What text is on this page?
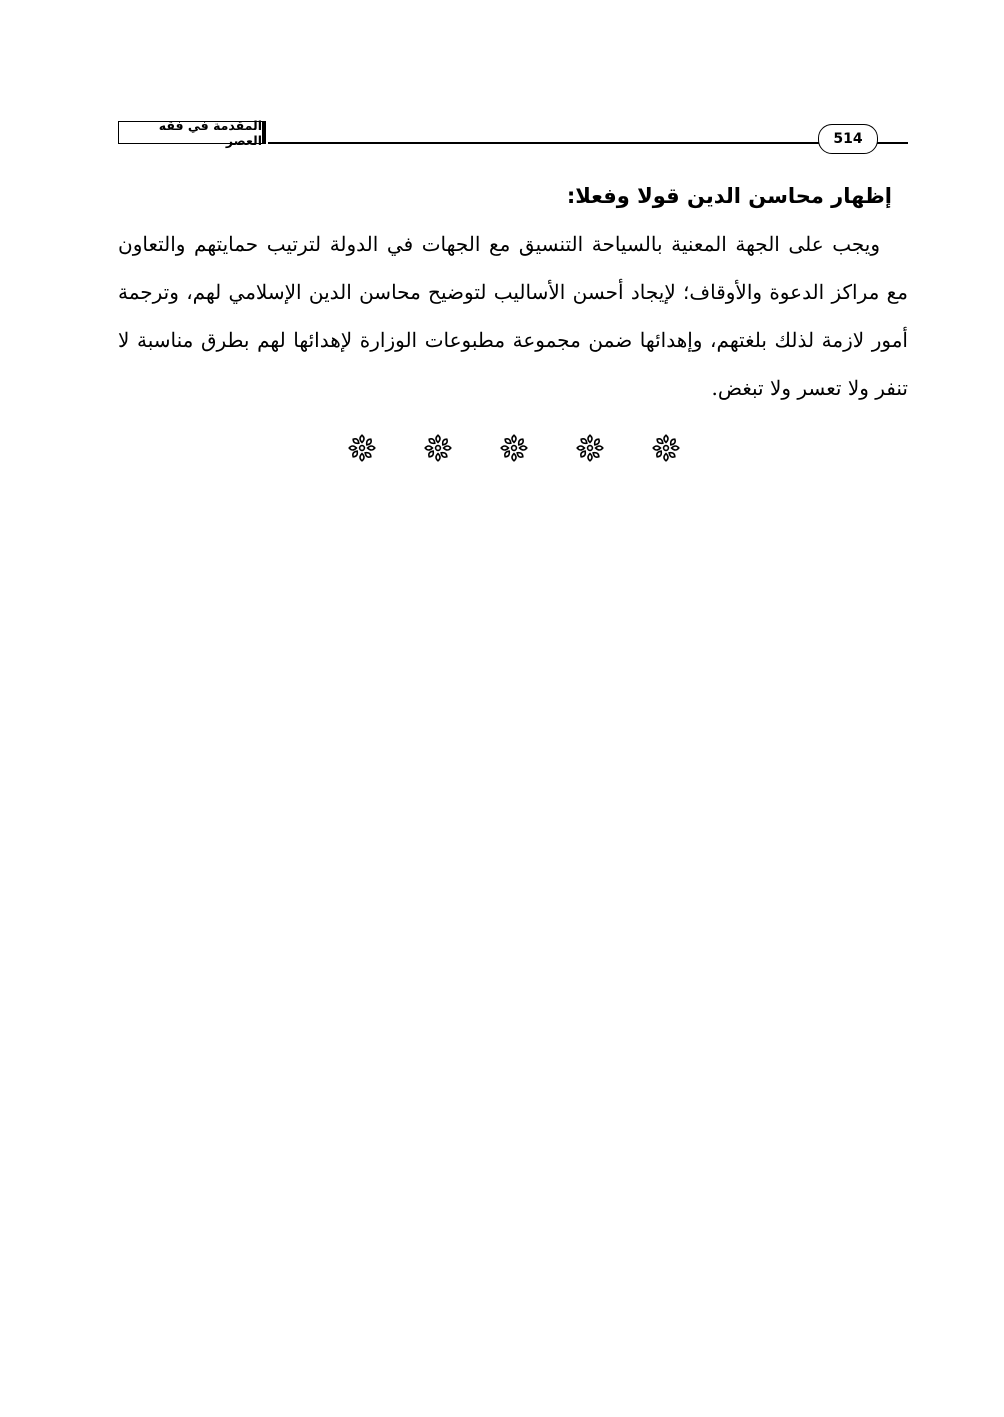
المقدمة في فقه العصر	514
إظهار محاسن الدين قولا وفعلا:

ويجب على الجهة المعنية بالسياحة التنسيق مع الجهات في الدولة لترتيب حمايتهم والتعاون مع مراكز الدعوة والأوقاف؛ لإيجاد أحسن الأساليب لتوضيح محاسن الدين الإسلامي لهم، وترجمة أمور لازمة لذلك بلغتهم، وإهدائها ضمن مجموعة مطبوعات الوزارة لإهدائها لهم بطرق مناسبة لا تنفر ولا تعسر ولا تبغض.
